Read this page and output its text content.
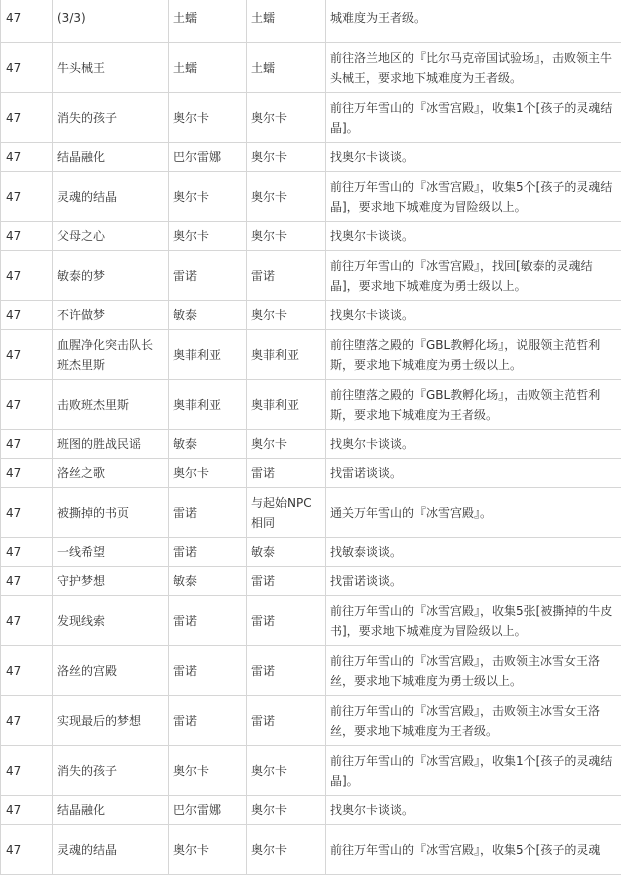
47	(3/3)	土蠕	土蠕	城难度为王者级。
47	牛头械王	土蠕	土蠕	前往洛兰地区的『比尔马克帝国试验场』，击败领主牛头械王，要求地下城难度为王者级。
47	消失的孩子	奥尔卡	奥尔卡	前往万年雪山的『冰雪宫殿』，收集1个[孩子的灵魂结晶]。
47	结晶融化	巴尔雷娜	奥尔卡	找奥尔卡谈谈。
47	灵魂的结晶	奥尔卡	奥尔卡	前往万年雪山的『冰雪宫殿』，收集5个[孩子的灵魂结晶]，要求地下城难度为冒险级以上。
47	父母之心	奥尔卡	奥尔卡	找奥尔卡谈谈。
47	敏泰的梦	雷诺	雷诺	前往万年雪山的『冰雪宫殿』，找回[敏泰的灵魂结晶]，要求地下城难度为勇士级以上。
47	不许做梦	敏泰	奥尔卡	找奥尔卡谈谈。
47	血腥净化突击队长班杰里斯	奥菲利亚	奥菲利亚	前往堕落之殿的『GBL教孵化场』，说服领主范哲利斯，要求地下城难度为勇士级以上。
47	击败班杰里斯	奥菲利亚	奥菲利亚	前往堕落之殿的『GBL教孵化场』，击败领主范哲利斯，要求地下城难度为王者级。
47	班图的胜战民谣	敏泰	奥尔卡	找奥尔卡谈谈。
47	洛丝之歌	奥尔卡	雷诺	找雷诺谈谈。
47	被撕掉的书页	雷诺	与起始NPC相同	通关万年雪山的『冰雪宫殿』。
47	一线希望	雷诺	敏泰	找敏泰谈谈。
47	守护梦想	敏泰	雷诺	找雷诺谈谈。
47	发现线索	雷诺	雷诺	前往万年雪山的『冰雪宫殿』，收集5张[被撕掉的牛皮书]，要求地下城难度为冒险级以上。
47	洛丝的宫殿	雷诺	雷诺	前往万年雪山的『冰雪宫殿』，击败领主冰雪女王洛丝，要求地下城难度为勇士级以上。
47	实现最后的梦想	雷诺	雷诺	前往万年雪山的『冰雪宫殿』，击败领主冰雪女王洛丝，要求地下城难度为王者级。
47	消失的孩子	奥尔卡	奥尔卡	前往万年雪山的『冰雪宫殿』，收集1个[孩子的灵魂结晶]。
47	结晶融化	巴尔雷娜	奥尔卡	找奥尔卡谈谈。
47	灵魂的结晶	奥尔卡	奥尔卡	前往万年雪山的『冰雪宫殿』，收集5个[孩子的灵魂
